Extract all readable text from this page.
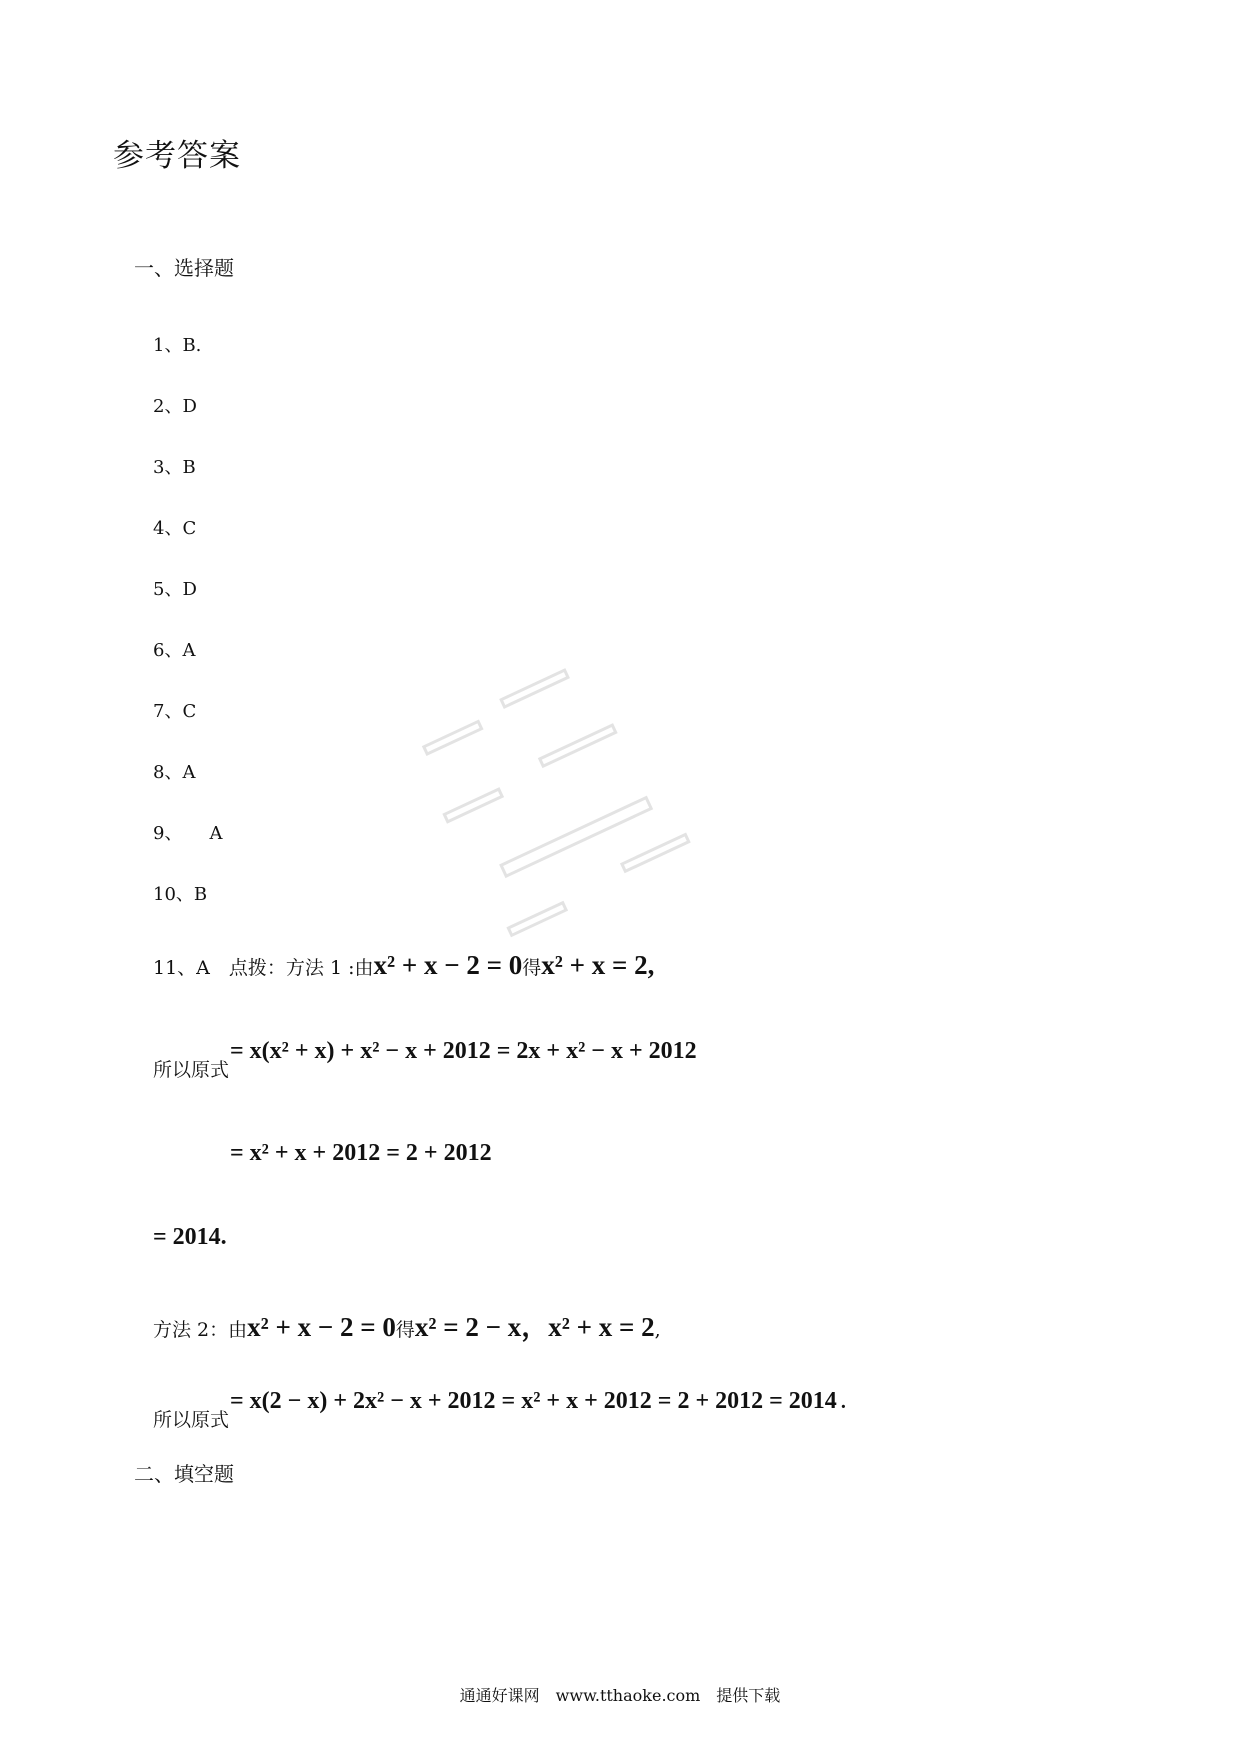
参考答案
一、选择题
1、B.
2、D
3、B
4、C
5、D
6、A
7、C
8、A
9、　　A
10、B
11、A　点拨：方法 1 :由x² + x − 2 = 0得x² + x = 2,
所以原式
= x(x² + x) + x² − x + 2012 = 2x + x² − x + 2012
= x² + x + 2012 = 2 + 2012
= 2014.
方法 2：由x² + x − 2 = 0得x² = 2 − x，x² + x = 2,
所以原式
= x(2 − x) + 2x² − x + 2012 = x² + x + 2012 = 2 + 2012 = 2014 .
二、填空题
通通好课网　www.tthaoke.com　提供下载
